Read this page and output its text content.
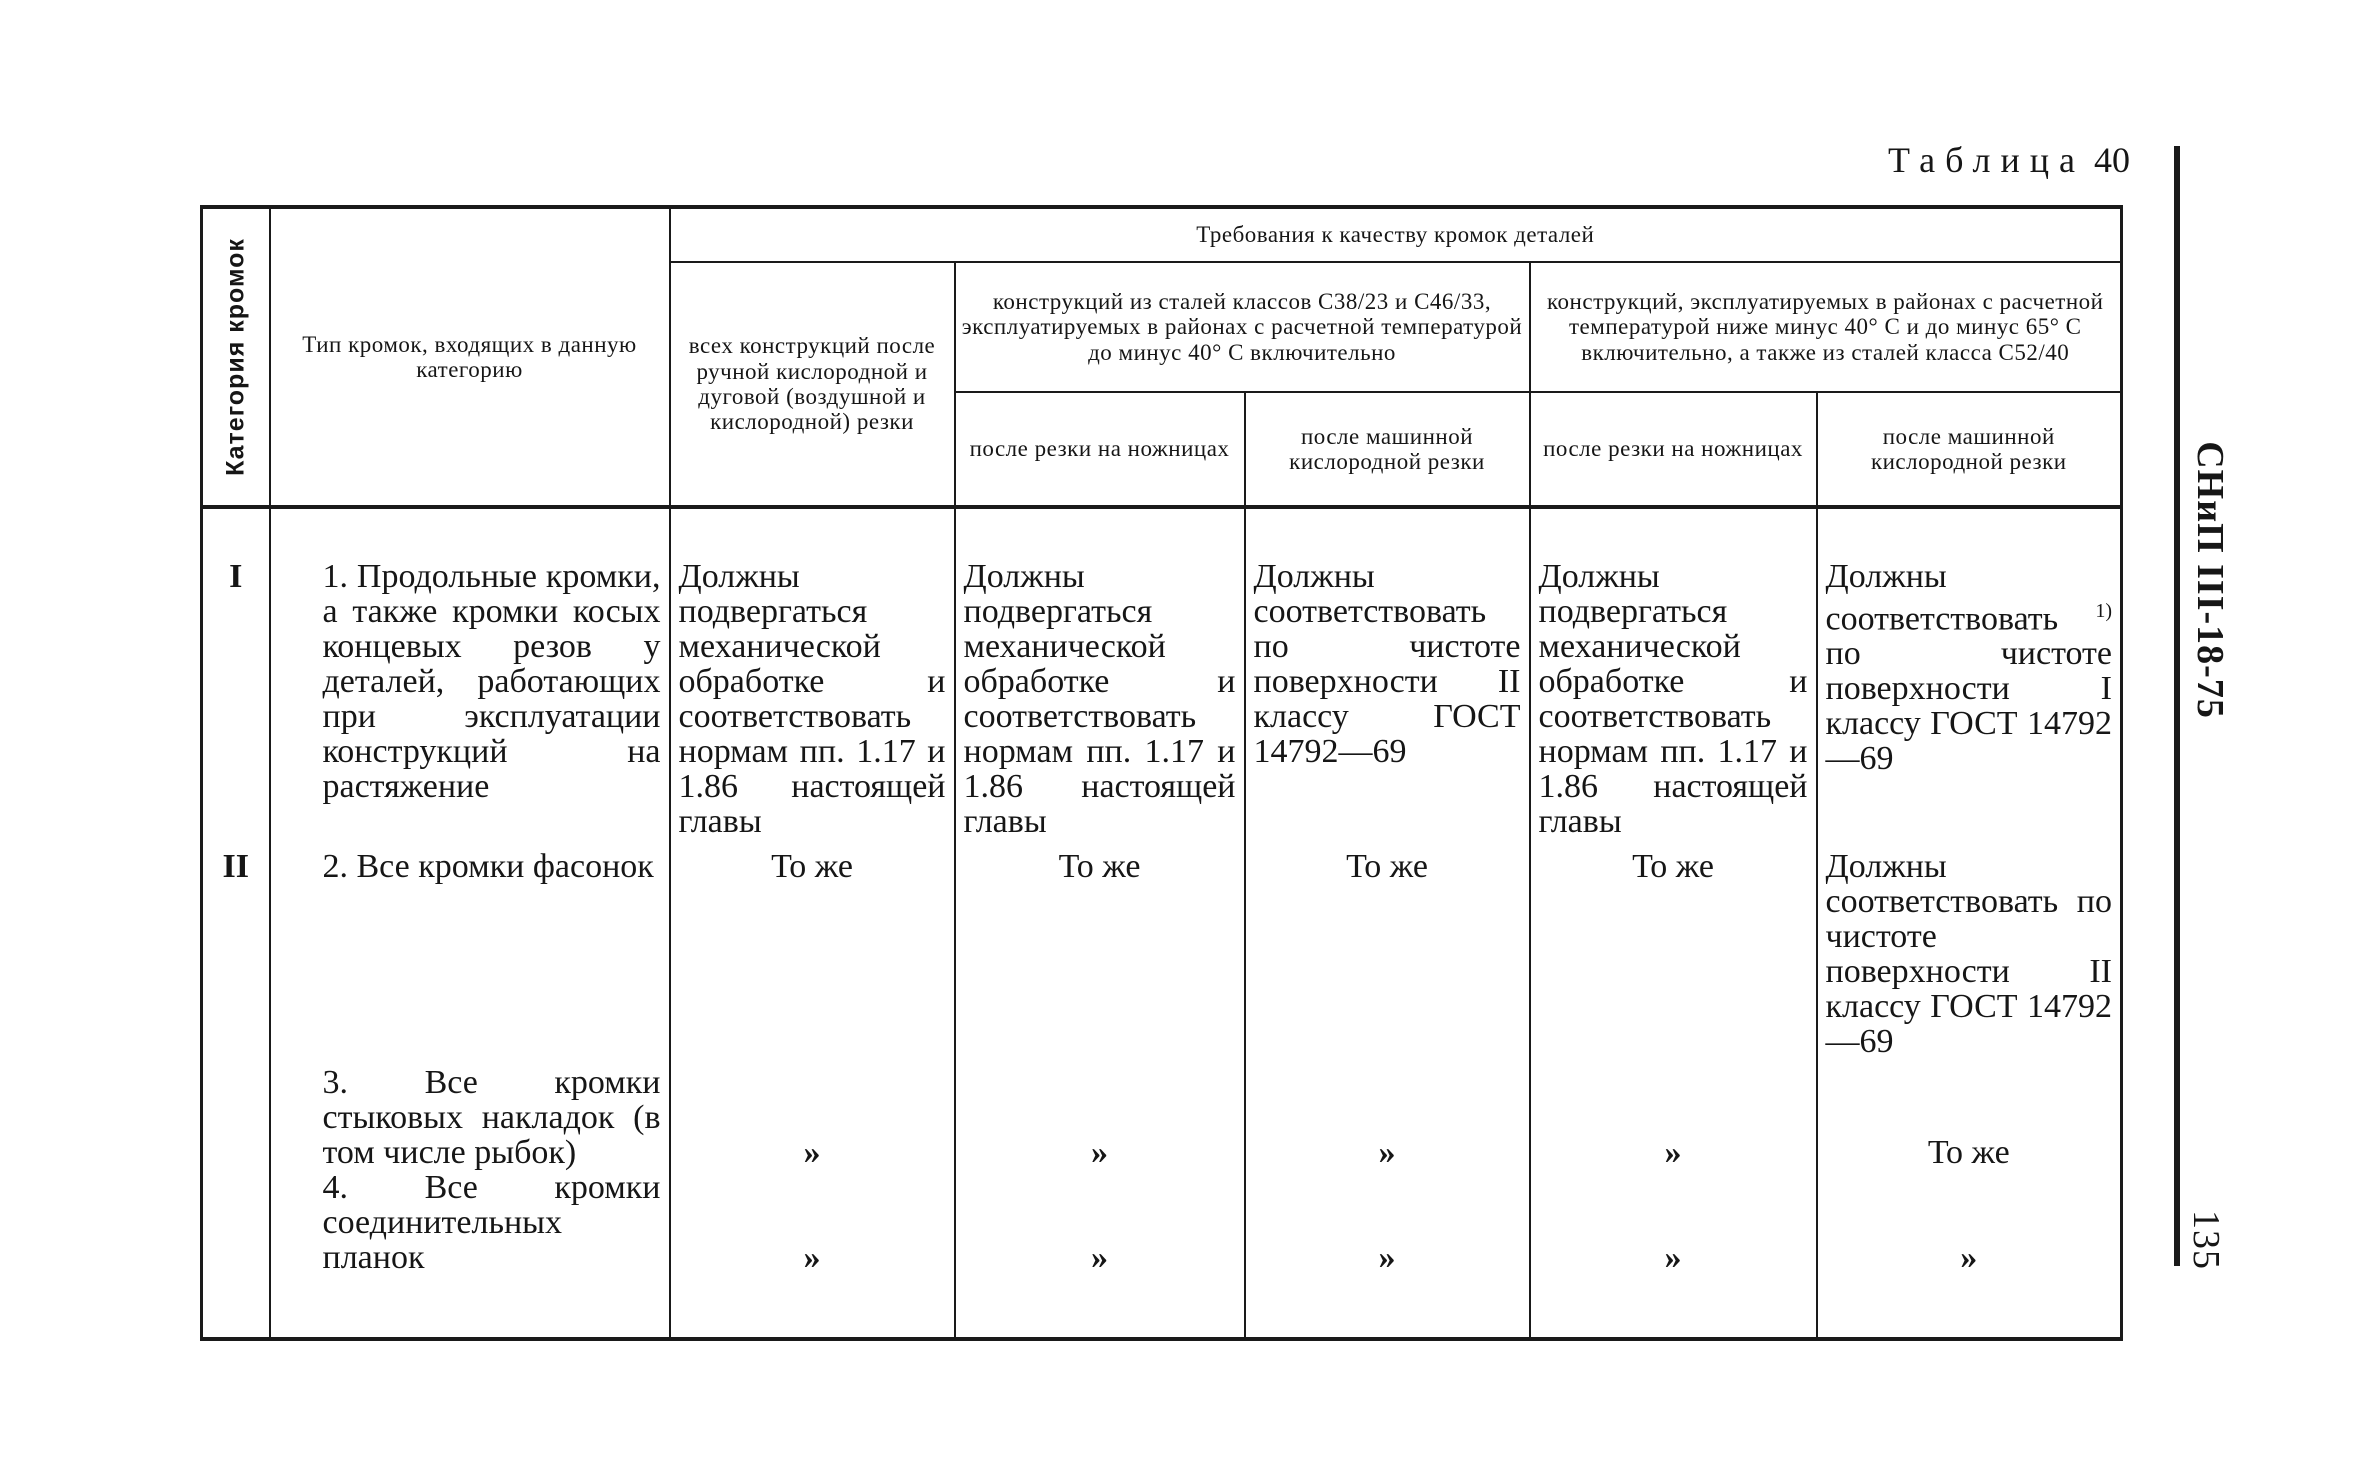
Таблица 40
СНиП III-18-75
135
Категория кромок	Тип кромок, входящих в данную категорию	Требования к качеству кромок деталей				
		всех конструкций после ручной кислородной и дуговой (воздушной и кислородной) резки	конструкций из сталей классов С38/23 и С46/33, эксплуатируемых в районах с расчетной температурой до минус 40° С включительно		конструкций, эксплуатируемых в районах с расчетной температурой ниже минус 40° С и до минус 65° С включительно, а также из сталей класса С52/40	
			после резки на ножницах	после машинной кислородной резки	после резки на ножницах	после машинной кислородной резки

I	1. Продольные кромки, а также кромки косых концевых резов у деталей, работающих при эксплуатации конструкций на растяжение	Должны подвергаться механической обработке и соответствовать нормам пп. 1.17 и 1.86 настоящей главы	Должны подвергаться механической обработке и соответствовать нормам пп. 1.17 и 1.86 настоящей главы	Должны соответствовать по чистоте поверхности II классу ГОСТ 14792—69	Должны подвергаться механической обработке и соответствовать нормам пп. 1.17 и 1.86 настоящей главы	Должны соответствовать $^{1)}$ по чистоте поверхности I классу ГОСТ 14792—69
II	2. Все кромки фасонок	То же	То же	То же	То же	Должны соответствовать по чистоте поверхности II классу ГОСТ 14792—69

	3. Все кромки стыковых накладок (в том числе рыбок)	»	»	»	»	То же

	4. Все кромки соединительных планок	»	»	»	»	»
